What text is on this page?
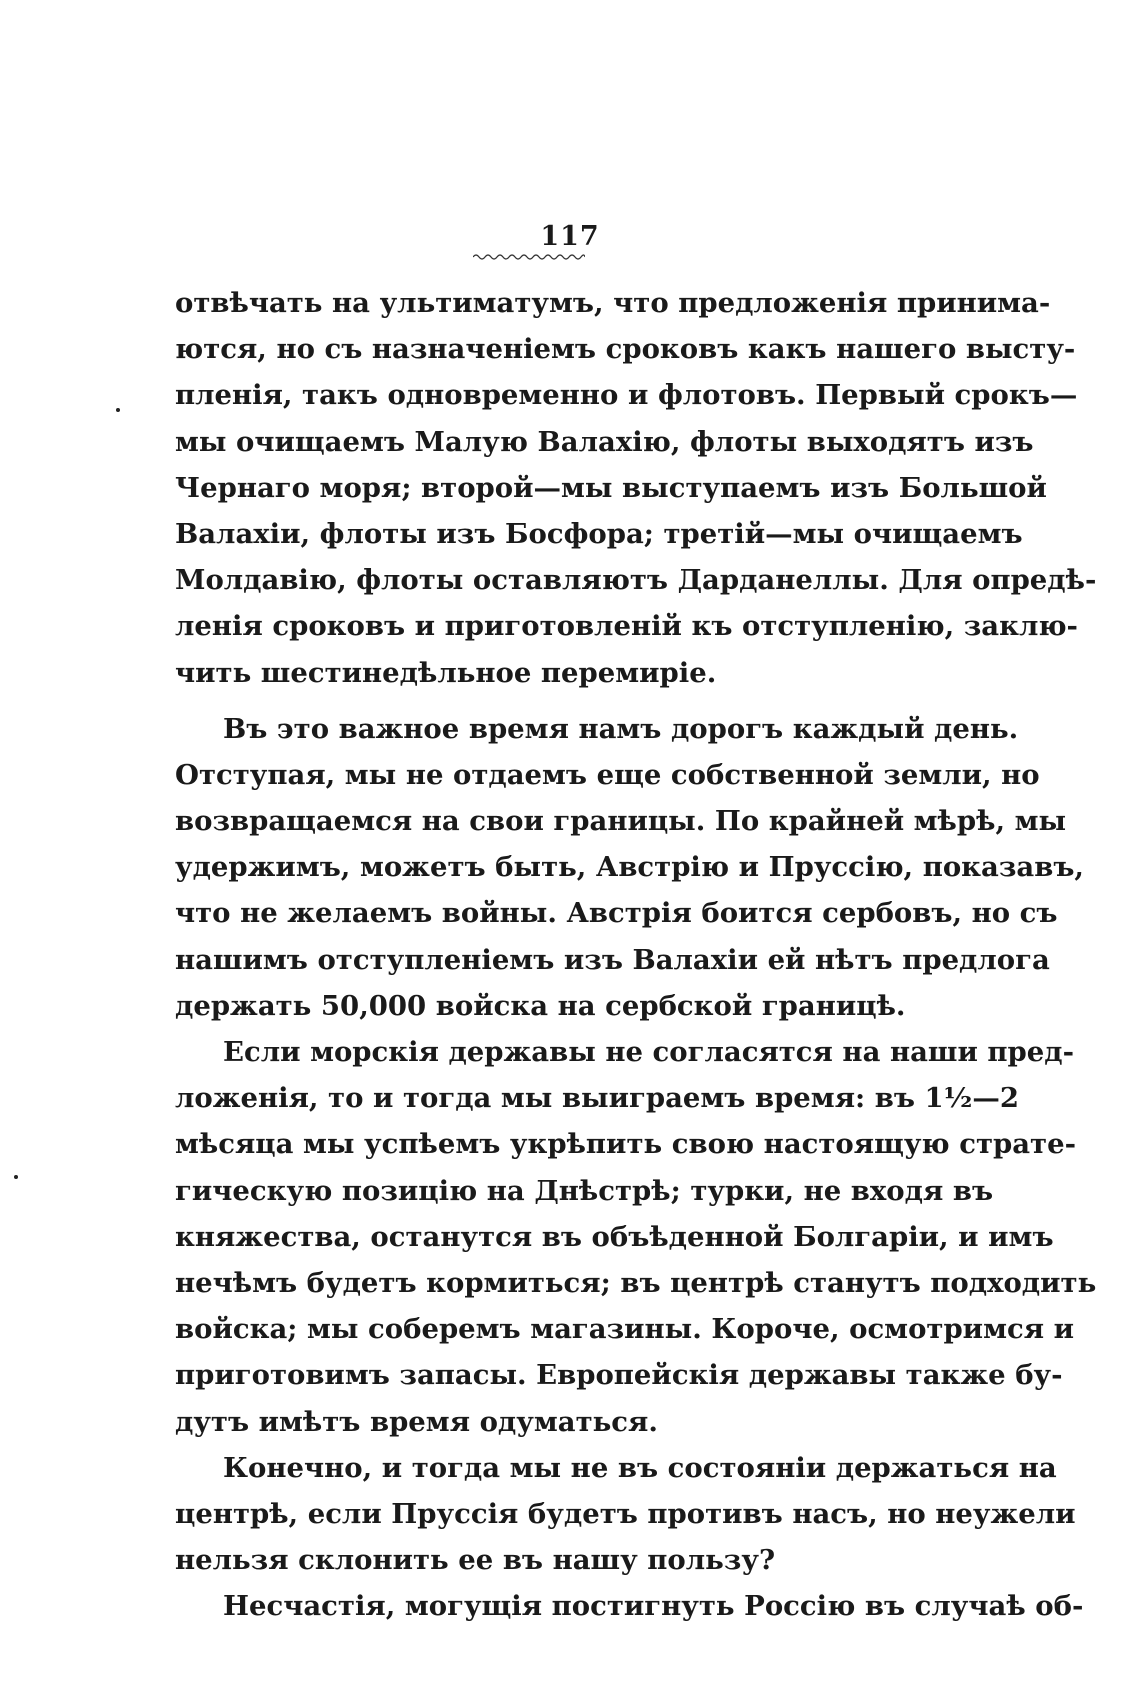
117
отвѣчать на ультиматумъ, что предложенія принима-
ются, но съ назначеніемъ сроковъ какъ нашего высту-
пленія, такъ одновременно и флотовъ. Первый срокъ—
мы очищаемъ Малую Валахію, флоты выходятъ изъ
Чернаго моря; второй—мы выступаемъ изъ Большой
Валахіи, флоты изъ Босфора; третій—мы очищаемъ
Молдавію, флоты оставляютъ Дарданеллы. Для опредѣ-
ленія сроковъ и приготовленій къ отступленію, заклю-
чить шестинедѣльное перемиріе.
Въ это важное время намъ дорогъ каждый день.
Отступая, мы не отдаемъ еще собственной земли, но
возвращаемся на свои границы. По крайней мѣрѣ, мы
удержимъ, можетъ быть, Австрію и Пруссію, показавъ,
что не желаемъ войны. Австрія боится сербовъ, но съ
нашимъ отступленіемъ изъ Валахіи ей нѣтъ предлога
держать 50,000 войска на сербской границѣ.
Если морскія державы не согласятся на наши пред-
ложенія, то и тогда мы выиграемъ время: въ 1½—2
мѣсяца мы успѣемъ укрѣпить свою настоящую страте-
гическую позицію на Днѣстрѣ; турки, не входя въ
княжества, останутся въ объѣденной Болгаріи, и имъ
нечѣмъ будетъ кормиться; въ центрѣ станутъ подходить
войска; мы соберемъ магазины. Короче, осмотримся и
приготовимъ запасы. Европейскія державы также бу-
дутъ имѣтъ время одуматься.
Конечно, и тогда мы не въ состояніи держаться на
центрѣ, если Пруссія будетъ противъ насъ, но неужели
нельзя склонить ее въ нашу пользу?
Несчастія, могущія постигнуть Россію въ случаѣ об-
